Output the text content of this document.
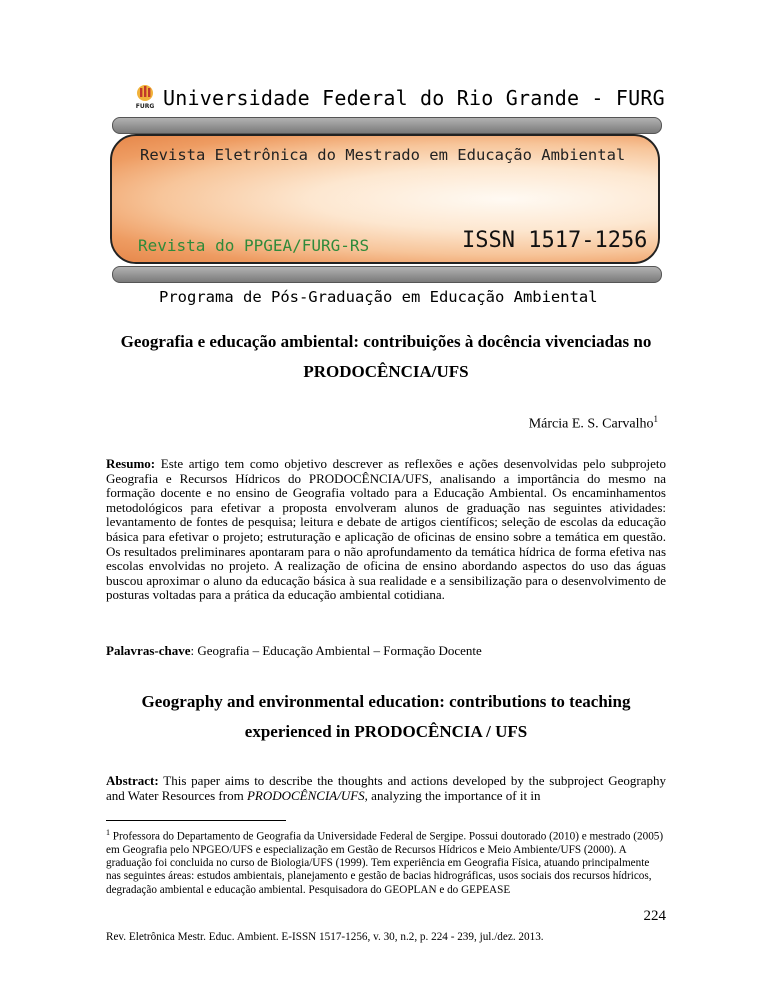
FURG Universidade Federal do Rio Grande - FURG
Revista Eletrônica do Mestrado em Educação Ambiental
Revista do PPGEA/FURG-RS	ISSN 1517-1256
Programa de Pós-Graduação em Educação Ambiental
Geografia e educação ambiental: contribuições à docência vivenciadas no
PRODOCÊNCIA/UFS
Márcia E. S. Carvalho$^1$
Resumo: Este artigo tem como objetivo descrever as reflexões e ações desenvolvidas pelo subprojeto Geografia e Recursos Hídricos do PRODOCÊNCIA/UFS, analisando a importância do mesmo na formação docente e no ensino de Geografia voltado para a Educação Ambiental. Os encaminhamentos metodológicos para efetivar a proposta envolveram alunos de graduação nas seguintes atividades: levantamento de fontes de pesquisa; leitura e debate de artigos científicos; seleção de escolas da educação básica para efetivar o projeto; estruturação e aplicação de oficinas de ensino sobre a temática em questão. Os resultados preliminares apontaram para o não aprofundamento da temática hídrica de forma efetiva nas escolas envolvidas no projeto. A realização de oficina de ensino abordando aspectos do uso das águas buscou aproximar o aluno da educação básica à sua realidade e a sensibilização para o desenvolvimento de posturas voltadas para a prática da educação ambiental cotidiana.
Palavras-chave: Geografia – Educação Ambiental – Formação Docente
Geography and environmental education: contributions to teaching
experienced in PRODOCÊNCIA / UFS
Abstract: This paper aims to describe the thoughts and actions developed by the subproject Geography and Water Resources from PRODOCÊNCIA/UFS, analyzing the importance of it in
$^1$ Professora do Departamento de Geografia da Universidade Federal de Sergipe. Possui doutorado (2010) e mestrado (2005) em Geografia pelo NPGEO/UFS e especialização em Gestão de Recursos Hídricos e Meio Ambiente/UFS (2000). A graduação foi concluida no curso de Biologia/UFS (1999). Tem experiência em Geografia Física, atuando principalmente nas seguintes áreas: estudos ambientais, planejamento e gestão de bacias hidrográficas, usos sociais dos recursos hídricos, degradação ambiental e educação ambiental. Pesquisadora do GEOPLAN e do GEPEASE
224
Rev. Eletrônica Mestr. Educ. Ambient. E-ISSN 1517-1256, v. 30, n.2, p. 224 - 239, jul./dez. 2013.
